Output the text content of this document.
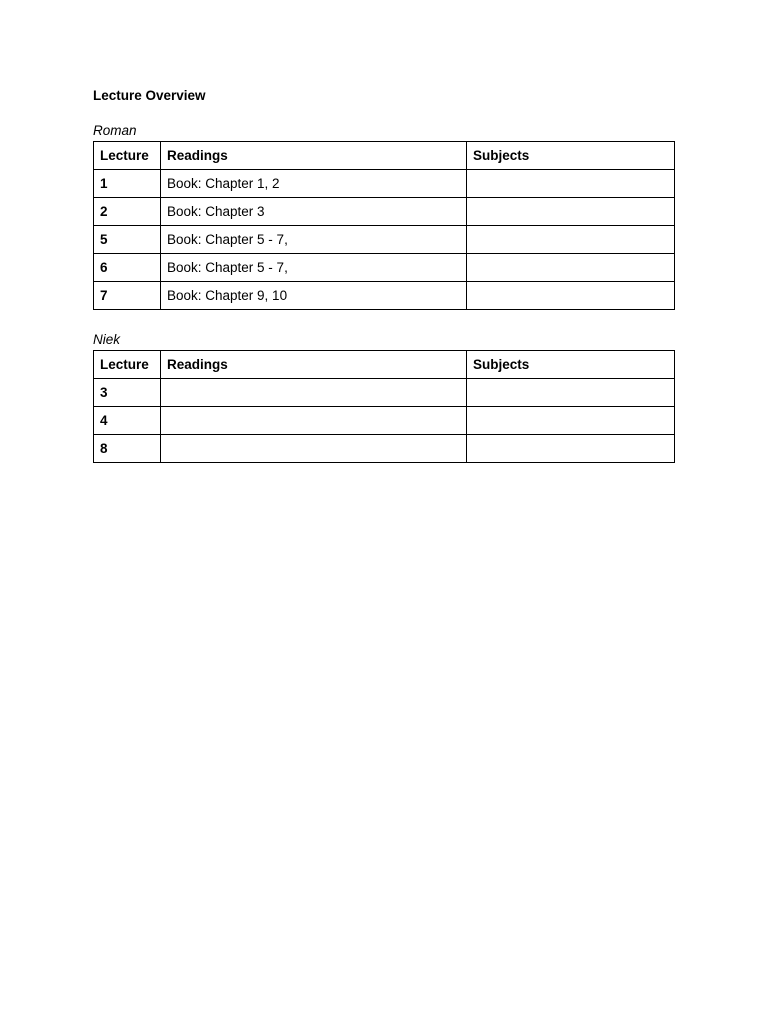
Lecture Overview
Roman
Lecture	Readings	Subjects
1	Book: Chapter 1, 2	
2	Book: Chapter 3	
5	Book: Chapter 5 - 7,	
6	Book: Chapter 5 - 7,	
7	Book: Chapter 9, 10	
Niek
Lecture	Readings	Subjects
3		
4		
8		
